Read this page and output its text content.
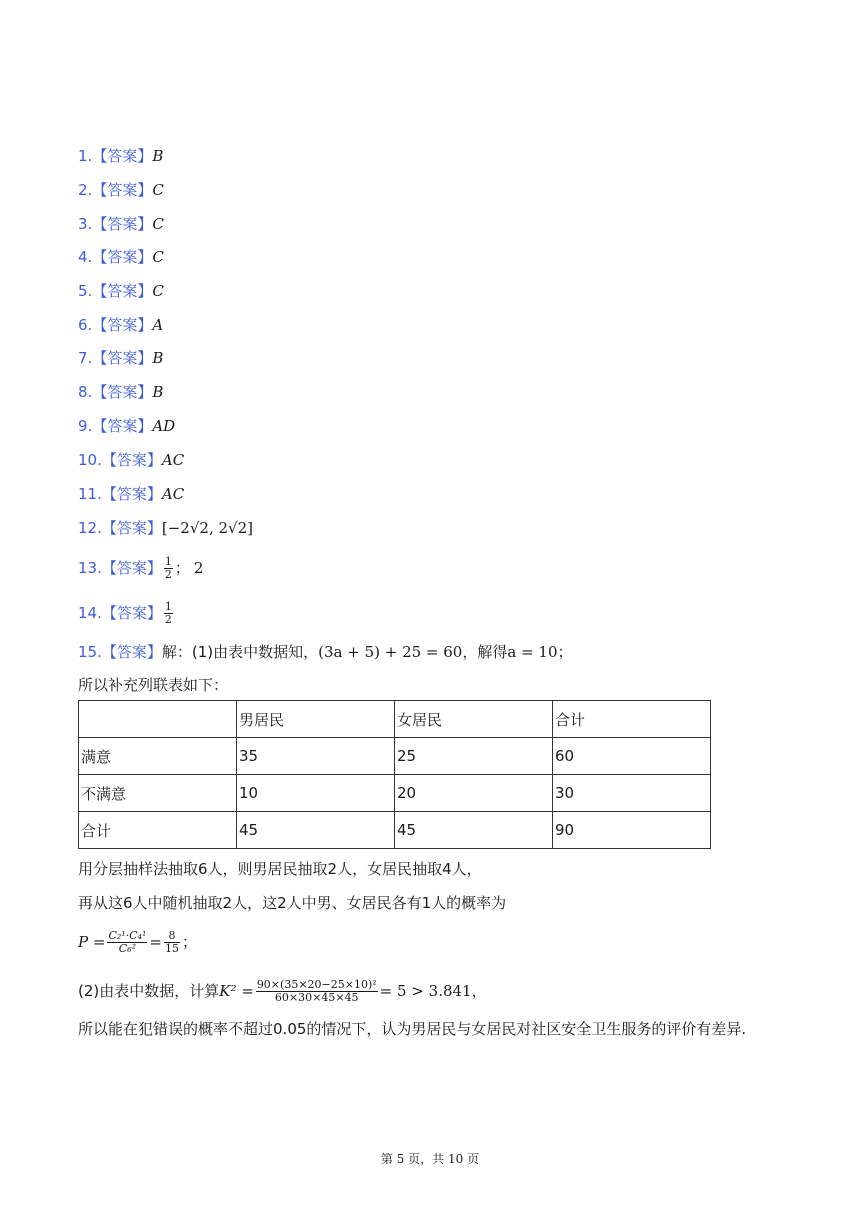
1.【答案】B
2.【答案】C
3.【答案】C
4.【答案】C
5.【答案】C
6.【答案】A
7.【答案】B
8.【答案】B
9.【答案】AD
10.【答案】AC
11.【答案】AC
12.【答案】[−2√2, 2√2]
13.【答案】 $\frac{1}{2}$ ； 2
14.【答案】 $\frac{1}{2}$
15.【答案】解：(1)由表中数据知，(3a + 5) + 25 = 60，解得a = 10；
所以补充列联表如下：
	男居民	女居民	合计
满意	35	25	60
不满意	10	20	30
合计	45	45	90
用分层抽样法抽取6人，则男居民抽取2人，女居民抽取4人，
再从这6人中随机抽取2人，这2人中男、女居民各有1人的概率为
$P = \frac{\text{C₂¹·C₄¹}}{\text{C₆²}} = \frac{8}{15}$ ；
(2)由表中数据，计算$K^2 = \frac{\text{90×(35×20−25×10)²}}{60\times 30\times 45\times 45} = 5 > 3.841$，
所以能在犯错误的概率不超过0.05的情况下，认为男居民与女居民对社区安全卫生服务的评价有差异.
第 5 页，共 10 页
